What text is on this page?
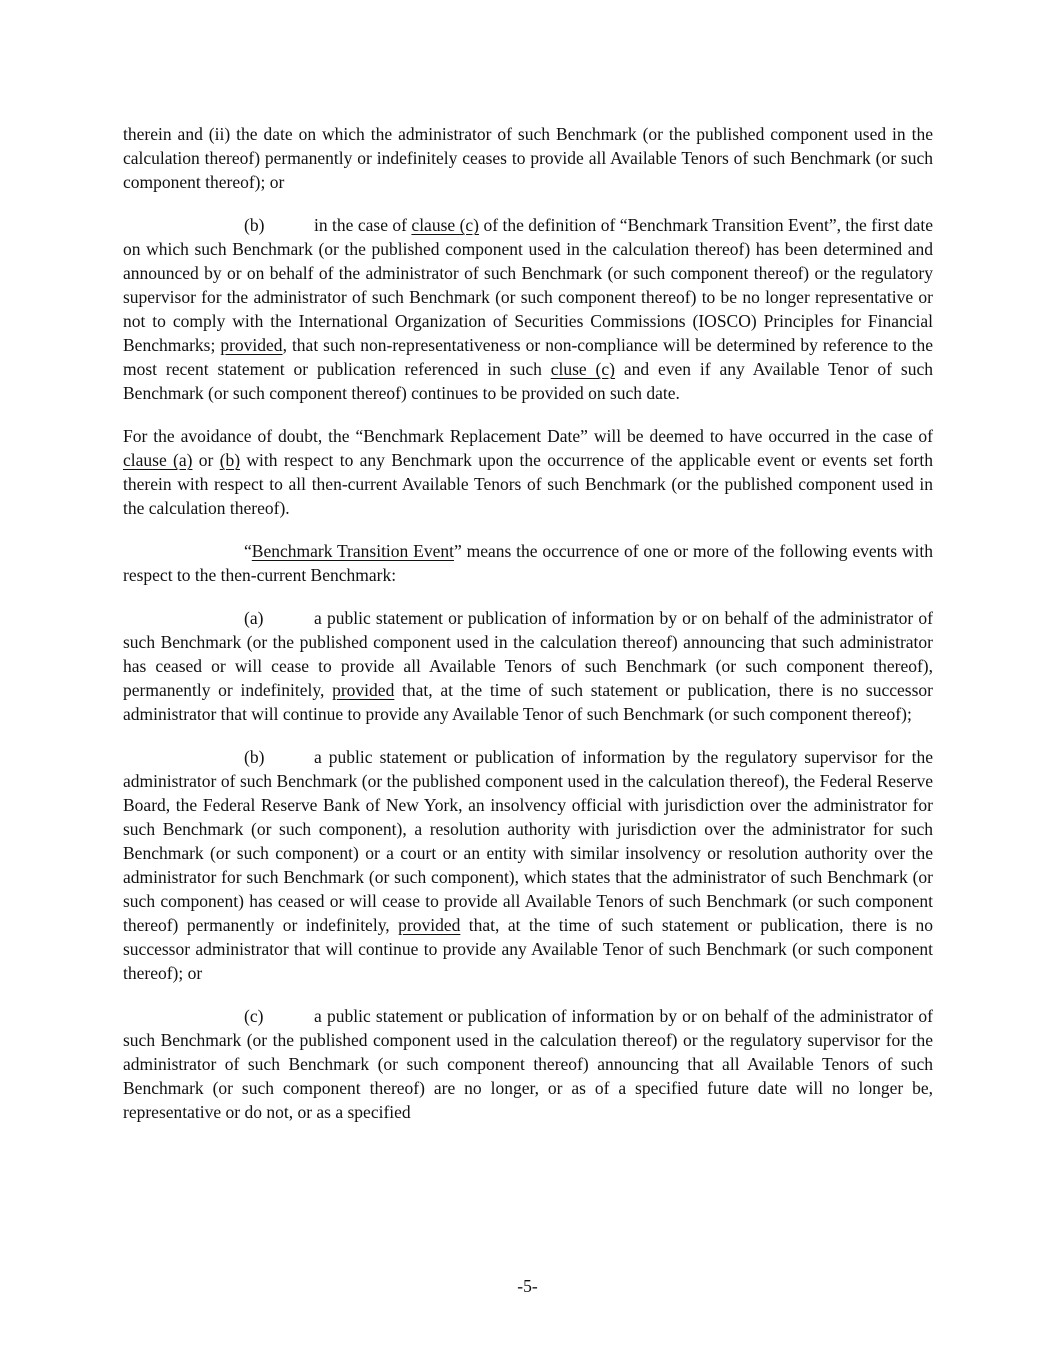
therein and (ii) the date on which the administrator of such Benchmark (or the published component used in the calculation thereof) permanently or indefinitely ceases to provide all Available Tenors of such Benchmark (or such component thereof); or

(b)	in the case of clause (c) of the definition of “Benchmark Transition Event”, the first date on which such Benchmark (or the published component used in the calculation thereof) has been determined and announced by or on behalf of the administrator of such Benchmark (or such component thereof) or the regulatory supervisor for the administrator of such Benchmark (or such component thereof) to be no longer representative or not to comply with the International Organization of Securities Commissions (IOSCO) Principles for Financial Benchmarks; provided, that such non-representativeness or non-compliance will be determined by reference to the most recent statement or publication referenced in such cluse (c) and even if any Available Tenor of such Benchmark (or such component thereof) continues to be provided on such date.

For the avoidance of doubt, the “Benchmark Replacement Date” will be deemed to have occurred in the case of clause (a) or (b) with respect to any Benchmark upon the occurrence of the applicable event or events set forth therein with respect to all then-current Available Tenors of such Benchmark (or the published component used in the calculation thereof).

“Benchmark Transition Event” means the occurrence of one or more of the following events with respect to the then-current Benchmark:

(a)	a public statement or publication of information by or on behalf of the administrator of such Benchmark (or the published component used in the calculation thereof) announcing that such administrator has ceased or will cease to provide all Available Tenors of such Benchmark (or such component thereof), permanently or indefinitely, provided that, at the time of such statement or publication, there is no successor administrator that will continue to provide any Available Tenor of such Benchmark (or such component thereof);

(b)	a public statement or publication of information by the regulatory supervisor for the administrator of such Benchmark (or the published component used in the calculation thereof), the Federal Reserve Board, the Federal Reserve Bank of New York, an insolvency official with jurisdiction over the administrator for such Benchmark (or such component), a resolution authority with jurisdiction over the administrator for such Benchmark (or such component) or a court or an entity with similar insolvency or resolution authority over the administrator for such Benchmark (or such component), which states that the administrator of such Benchmark (or such component) has ceased or will cease to provide all Available Tenors of such Benchmark (or such component thereof) permanently or indefinitely, provided that, at the time of such statement or publication, there is no successor administrator that will continue to provide any Available Tenor of such Benchmark (or such component thereof); or

(c)	a public statement or publication of information by or on behalf of the administrator of such Benchmark (or the published component used in the calculation thereof) or the regulatory supervisor for the administrator of such Benchmark (or such component thereof) announcing that all Available Tenors of such Benchmark (or such component thereof) are no longer, or as of a specified future date will no longer be, representative or do not, or as a specified

-5-
